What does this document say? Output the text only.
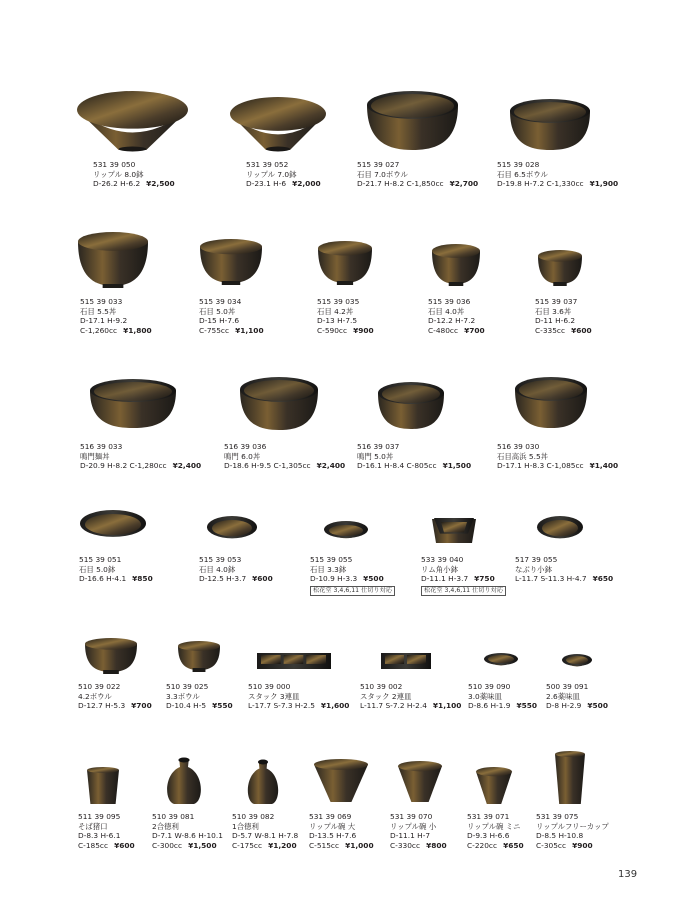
531 39 050
リップル 8.0鉢
D-26.2 H-6.2 ¥2,500
531 39 052
リップル 7.0鉢
D-23.1 H-6 ¥2,000
515 39 027
石目 7.0ボウル
D-21.7 H-8.2 C-1,850cc ¥2,700
515 39 028
石目 6.5ボウル
D-19.8 H-7.2 C-1,330cc ¥1,900
515 39 033
石目 5.5丼
D-17.1 H-9.2
C-1,260cc ¥1,800
515 39 034
石目 5.0丼
D-15 H-7.6
C-755cc ¥1,100
515 39 035
石目 4.2丼
D-13 H-7.5
C-590cc ¥900
515 39 036
石目 4.0丼
D-12.2 H-7.2
C-480cc ¥700
515 39 037
石目 3.6丼
D-11 H-6.2
C-335cc ¥600
516 39 033
鳴門麺丼
D-20.9 H-8.2 C-1,280cc ¥2,400
516 39 036
鳴門 6.0丼
D-18.6 H-9.5 C-1,305cc ¥2,400
516 39 037
鳴門 5.0丼
D-16.1 H-8.4 C-805cc ¥1,500
516 39 030
石目高浜 5.5丼
D-17.1 H-8.3 C-1,085cc ¥1,400
515 39 051
石目 5.0鉢
D-16.6 H-4.1 ¥850
515 39 053
石目 4.0鉢
D-12.5 H-3.7 ¥600
515 39 055
石目 3.3鉢
D-10.9 H-3.3 ¥500
松花堂 3,4,6,11 仕切り対応
533 39 040
リム角小鉢
D-11.1 H-3.7 ¥750
松花堂 3,4,6,11 仕切り対応
517 39 055
なぶり小鉢
L-11.7 S-11.3 H-4.7 ¥650
510 39 022
4.2ボウル
D-12.7 H-5.3 ¥700
510 39 025
3.3ボウル
D-10.4 H-5 ¥550
510 39 000
スタック 3連皿
L-17.7 S-7.3 H-2.5 ¥1,600
510 39 002
スタック 2連皿
L-11.7 S-7.2 H-2.4 ¥1,100
510 39 090
3.0薬味皿
D-8.6 H-1.9 ¥550
500 39 091
2.6薬味皿
D-8 H-2.9 ¥500
511 39 095
そば猪口
D-8.3 H-6.1
C-185cc ¥600
510 39 081
2合徳利
D-7.1 W-8.6 H-10.1
C-300cc ¥1,500
510 39 082
1合徳利
D-5.7 W-8.1 H-7.8
C-175cc ¥1,200
531 39 069
リップル碗 大
D-13.5 H-7.6
C-515cc ¥1,000
531 39 070
リップル碗 小
D-11.1 H-7
C-330cc ¥800
531 39 071
リップル碗 ミニ
D-9.3 H-6.6
C-220cc ¥650
531 39 075
リップルフリーカップ
D-8.5 H-10.8
C-305cc ¥900
139
